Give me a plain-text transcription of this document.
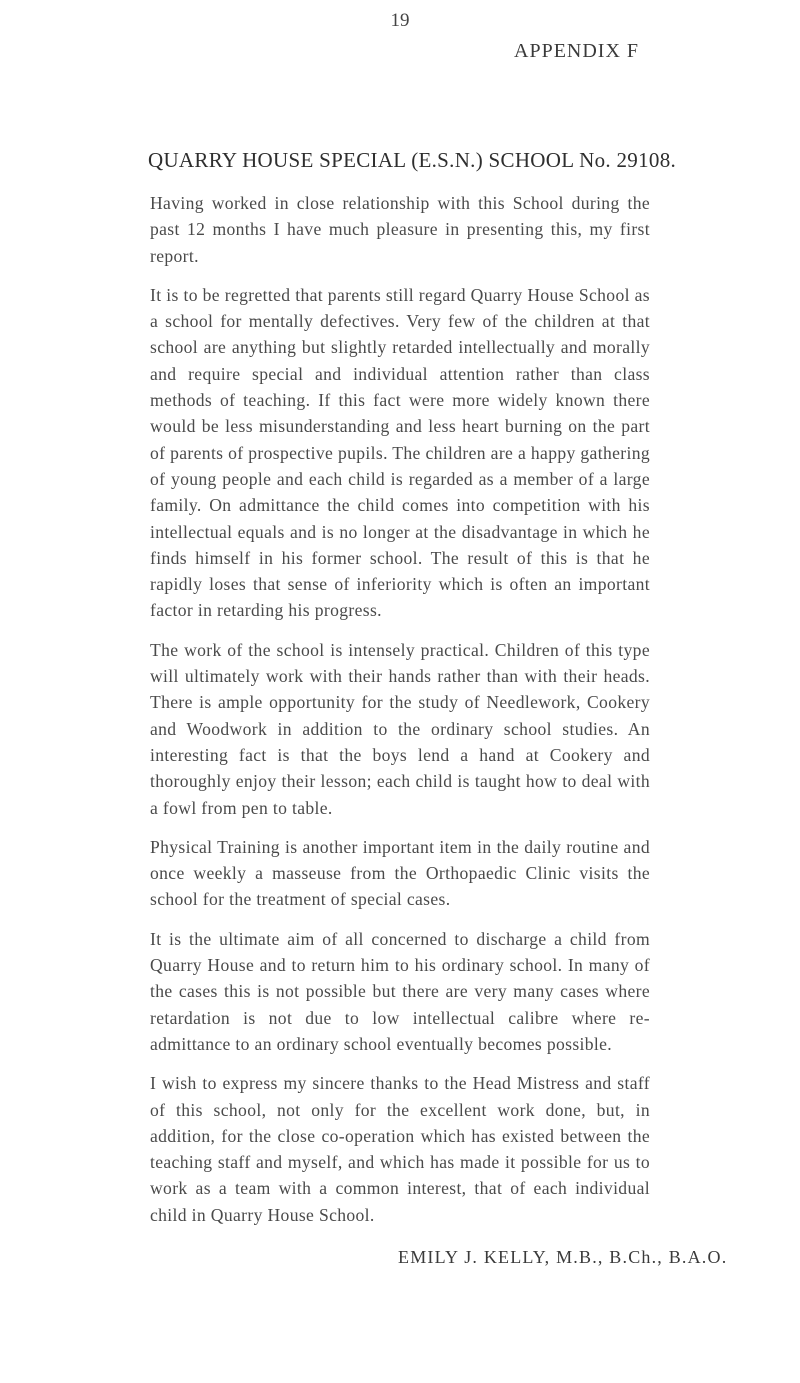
19
APPENDIX F
QUARRY HOUSE SPECIAL (E.S.N.) SCHOOL No. 29108.

Having worked in close relationship with this School during the past 12 months I have much pleasure in presenting this, my first report.

It is to be regretted that parents still regard Quarry House School as a school for mentally defectives. Very few of the children at that school are anything but slightly retarded intellectually and morally and require special and individual attention rather than class methods of teaching. If this fact were more widely known there would be less misunderstanding and less heart burning on the part of parents of prospective pupils. The children are a happy gathering of young people and each child is regarded as a member of a large family. On admittance the child comes into competition with his intellectual equals and is no longer at the disadvantage in which he finds himself in his former school. The result of this is that he rapidly loses that sense of inferiority which is often an important factor in retarding his progress.

The work of the school is intensely practical. Children of this type will ultimately work with their hands rather than with their heads. There is ample opportunity for the study of Needlework, Cookery and Woodwork in addition to the ordinary school studies. An interesting fact is that the boys lend a hand at Cookery and thoroughly enjoy their lesson; each child is taught how to deal with a fowl from pen to table.

Physical Training is another important item in the daily routine and once weekly a masseuse from the Orthopaedic Clinic visits the school for the treatment of special cases.

It is the ultimate aim of all concerned to discharge a child from Quarry House and to return him to his ordinary school. In many of the cases this is not possible but there are very many cases where retardation is not due to low intellectual calibre where re-admittance to an ordinary school eventually becomes possible.

I wish to express my sincere thanks to the Head Mistress and staff of this school, not only for the excellent work done, but, in addition, for the close co-operation which has existed between the teaching staff and myself, and which has made it possible for us to work as a team with a common interest, that of each individual child in Quarry House School.

EMILY J. KELLY, M.B., B.Ch., B.A.O.
